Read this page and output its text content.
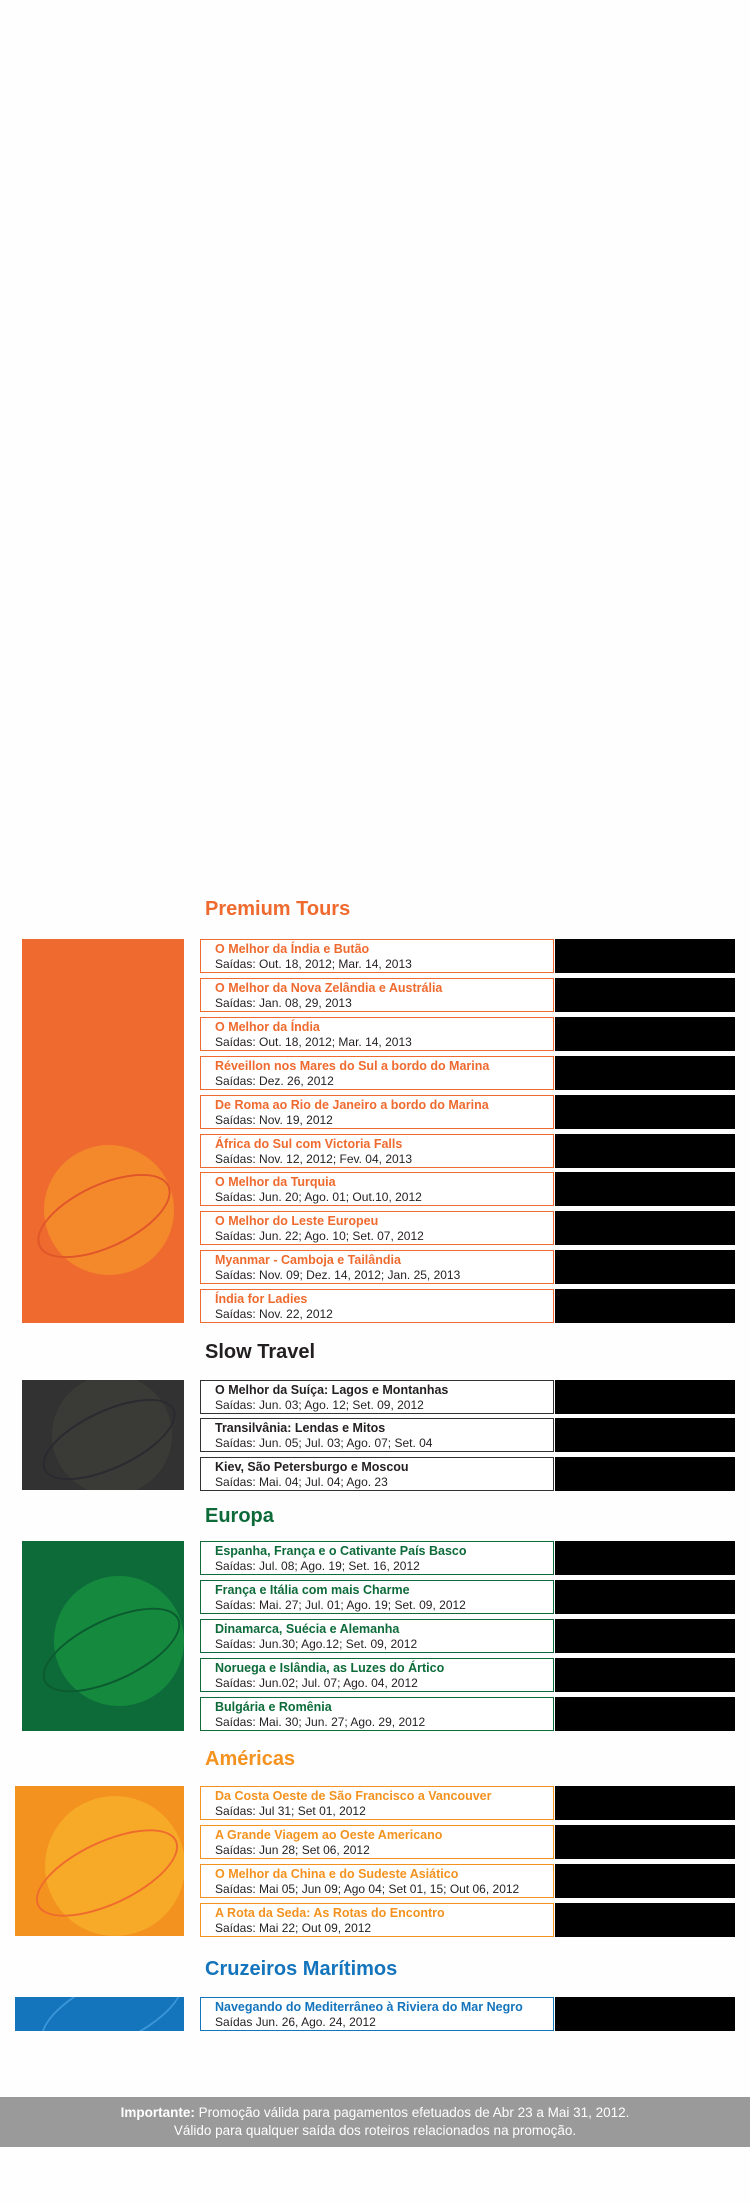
Premium Tours
O Melhor da Índia e Butão
Saídas: Out. 18, 2012; Mar. 14, 2013
O Melhor da Nova Zelândia e Austrália
Saídas: Jan. 08, 29, 2013
O Melhor da Índia
Saídas: Out. 18, 2012; Mar. 14, 2013
Réveillon nos Mares do Sul a bordo do Marina
Saídas: Dez. 26, 2012
De Roma ao Rio de Janeiro a bordo do Marina
Saídas: Nov. 19, 2012
África do Sul com Victoria Falls
Saídas: Nov. 12, 2012; Fev. 04, 2013
O Melhor da Turquia
Saídas: Jun. 20; Ago. 01; Out.10, 2012
O Melhor do Leste Europeu
Saídas: Jun. 22; Ago. 10; Set. 07, 2012
Myanmar - Camboja e Tailândia
Saídas: Nov. 09; Dez. 14, 2012; Jan. 25, 2013
Índia for Ladies
Saídas: Nov. 22, 2012
Slow Travel
O Melhor da Suíça: Lagos e Montanhas
Saídas: Jun. 03; Ago. 12; Set. 09, 2012
Transilvânia: Lendas e Mitos
Saídas: Jun. 05; Jul. 03; Ago. 07; Set. 04
Kiev, São Petersburgo e Moscou
Saídas: Mai. 04; Jul. 04; Ago. 23
Europa
Espanha, França e o Cativante País Basco
Saídas: Jul. 08; Ago. 19; Set. 16, 2012
França e Itália com mais Charme
Saídas: Mai. 27; Jul. 01; Ago. 19; Set. 09, 2012
Dinamarca, Suécia e Alemanha
Saídas: Jun.30; Ago.12; Set. 09, 2012
Noruega e Islândia, as Luzes do Ártico
Saídas: Jun.02; Jul. 07; Ago. 04, 2012
Bulgária e Romênia
Saídas: Mai. 30; Jun. 27; Ago. 29, 2012
Américas
Da Costa Oeste de São Francisco a Vancouver
Saídas: Jul 31; Set 01, 2012
A Grande Viagem ao Oeste Americano
Saídas: Jun 28; Set 06, 2012
O Melhor da China e do Sudeste Asiático
Saídas: Mai 05; Jun 09; Ago 04; Set 01, 15; Out 06, 2012
A Rota da Seda: As Rotas do Encontro
Saídas: Mai 22; Out 09, 2012
Cruzeiros Marítimos
Navegando do Mediterrâneo à Riviera do Mar Negro
Saídas Jun. 26, Ago. 24, 2012
Importante: Promoção válida para pagamentos efetuados de Abr 23 a Mai 31, 2012.
Válido para qualquer saída dos roteiros relacionados na promoção.
